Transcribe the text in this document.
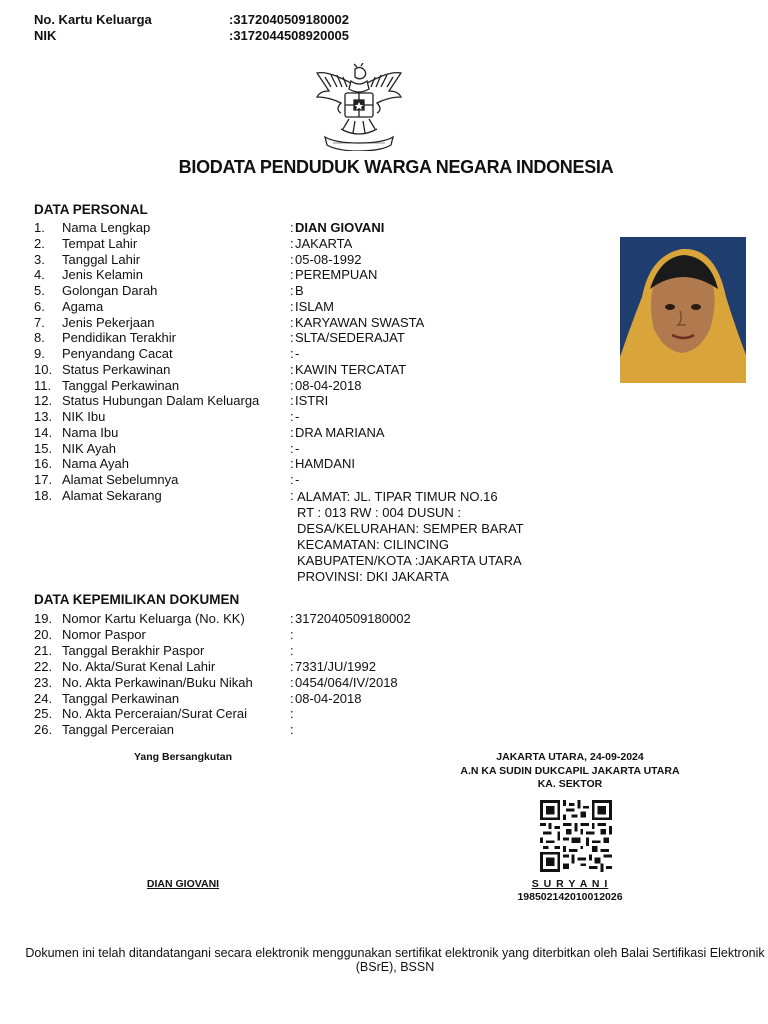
No. Kartu Keluarga	:3172040509180002
NIK	:3172044508920005
BIODATA PENDUDUK WARGA NEGARA INDONESIA
DATA PERSONAL
1. Nama Lengkap	: DIAN GIOVANI
2. Tempat Lahir	: JAKARTA
3. Tanggal Lahir	: 05-08-1992
4. Jenis Kelamin	: PEREMPUAN
5. Golongan Darah	: B
6. Agama	: ISLAM
7. Jenis Pekerjaan	: KARYAWAN SWASTA
8. Pendidikan Terakhir	: SLTA/SEDERAJAT
9. Penyandang Cacat	: -
10. Status Perkawinan	: KAWIN TERCATAT
11. Tanggal Perkawinan	: 08-04-2018
12. Status Hubungan Dalam Keluarga : ISTRI
13. NIK Ibu	: -
14. Nama Ibu	: DRA MARIANA
15. NIK Ayah	: -
16. Nama Ayah	: HAMDANI
17. Alamat Sebelumnya	: -
18. Alamat Sekarang	: ALAMAT: JL. TIPAR TIMUR NO.16
RT : 013 RW : 004 DUSUN :
DESA/KELURAHAN: SEMPER BARAT
KECAMATAN: CILINCING
KABUPATEN/KOTA :JAKARTA UTARA
PROVINSI: DKI JAKARTA
DATA KEPEMILIKAN DOKUMEN
19. Nomor Kartu Keluarga (No. KK)	: 3172040509180002
20. Nomor Paspor	:
21. Tanggal Berakhir Paspor	:
22. No. Akta/Surat Kenal Lahir	: 7331/JU/1992
23. No. Akta Perkawinan/Buku Nikah	: 0454/064/IV/2018
24. Tanggal Perkawinan	: 08-04-2018
25. No. Akta Perceraian/Surat Cerai	:
26. Tanggal Perceraian	:
Yang Bersangkutan
DIAN GIOVANI
JAKARTA UTARA, 24-09-2024
A.N KA SUDIN DUKCAPIL JAKARTA UTARA
KA. SEKTOR
S U R Y A N I
198502142010012026
Dokumen ini telah ditandatangani secara elektronik menggunakan sertifikat elektronik yang diterbitkan oleh Balai Sertifikasi Elektronik (BSrE), BSSN
